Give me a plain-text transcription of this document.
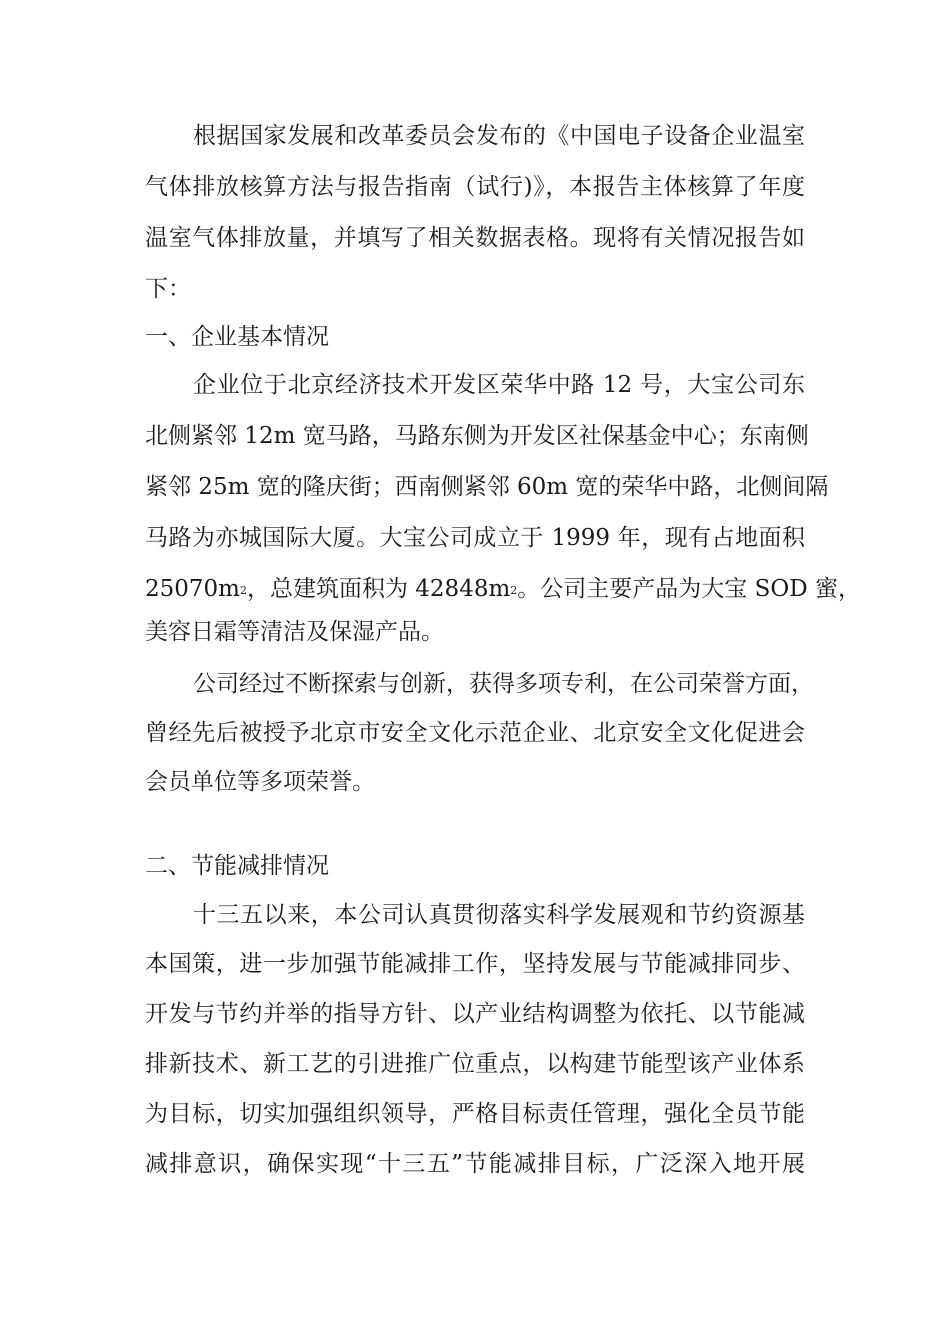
根据国家发展和改革委员会发布的《中国电子设备企业温室
气体排放核算方法与报告指南（试行)》，本报告主体核算了年度
温室气体排放量，并填写了相关数据表格。现将有关情况报告如
下：
一、企业基本情况
企业位于北京经济技术开发区荣华中路 12 号，大宝公司东
北侧紧邻 12m 宽马路，马路东侧为开发区社保基金中心；东南侧
紧邻 25m 宽的隆庆街；西南侧紧邻 60m 宽的荣华中路，北侧间隔
马路为亦城国际大厦。大宝公司成立于 1999 年，现有占地面积
$25070m^2$，总建筑面积为 $42848m^2$。公司主要产品为大宝 SOD 蜜，
美容日霜等清洁及保湿产品。
公司经过不断探索与创新，获得多项专利，在公司荣誉方面，
曾经先后被授予北京市安全文化示范企业、北京安全文化促进会
会员单位等多项荣誉。
二、节能减排情况
十三五以来，本公司认真贯彻落实科学发展观和节约资源基
本国策，进一步加强节能减排工作，坚持发展与节能减排同步、
开发与节约并举的指导方针、以产业结构调整为依托、以节能减
排新技术、新工艺的引进推广位重点，以构建节能型该产业体系
为目标，切实加强组织领导，严格目标责任管理，强化全员节能
减排意识，确保实现“十三五”节能减排目标，广泛深入地开展
